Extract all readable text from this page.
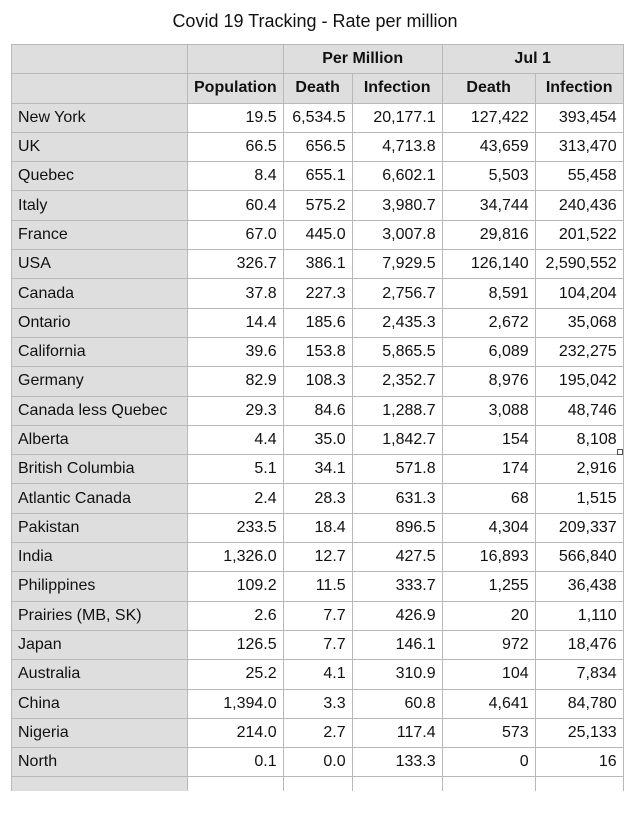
Covid 19 Tracking - Rate per million
		Per Million		Jul 1	
	Population	Death	Infection	Death	Infection
New York	19.5	6,534.5	20,177.1	127,422	393,454
UK	66.5	656.5	4,713.8	43,659	313,470
Quebec	8.4	655.1	6,602.1	5,503	55,458
Italy	60.4	575.2	3,980.7	34,744	240,436
France	67.0	445.0	3,007.8	29,816	201,522
USA	326.7	386.1	7,929.5	126,140	2,590,552
Canada	37.8	227.3	2,756.7	8,591	104,204
Ontario	14.4	185.6	2,435.3	2,672	35,068
California	39.6	153.8	5,865.5	6,089	232,275
Germany	82.9	108.3	2,352.7	8,976	195,042
Canada less Quebec	29.3	84.6	1,288.7	3,088	48,746
Alberta	4.4	35.0	1,842.7	154	8,108
British Columbia	5.1	34.1	571.8	174	2,916
Atlantic Canada	2.4	28.3	631.3	68	1,515
Pakistan	233.5	18.4	896.5	4,304	209,337
India	1,326.0	12.7	427.5	16,893	566,840
Philippines	109.2	11.5	333.7	1,255	36,438
Prairies (MB, SK)	2.6	7.7	426.9	20	1,110
Japan	126.5	7.7	146.1	972	18,476
Australia	25.2	4.1	310.9	104	7,834
China	1,394.0	3.3	60.8	4,641	84,780
Nigeria	214.0	2.7	117.4	573	25,133
North	0.1	0.0	133.3	0	16
